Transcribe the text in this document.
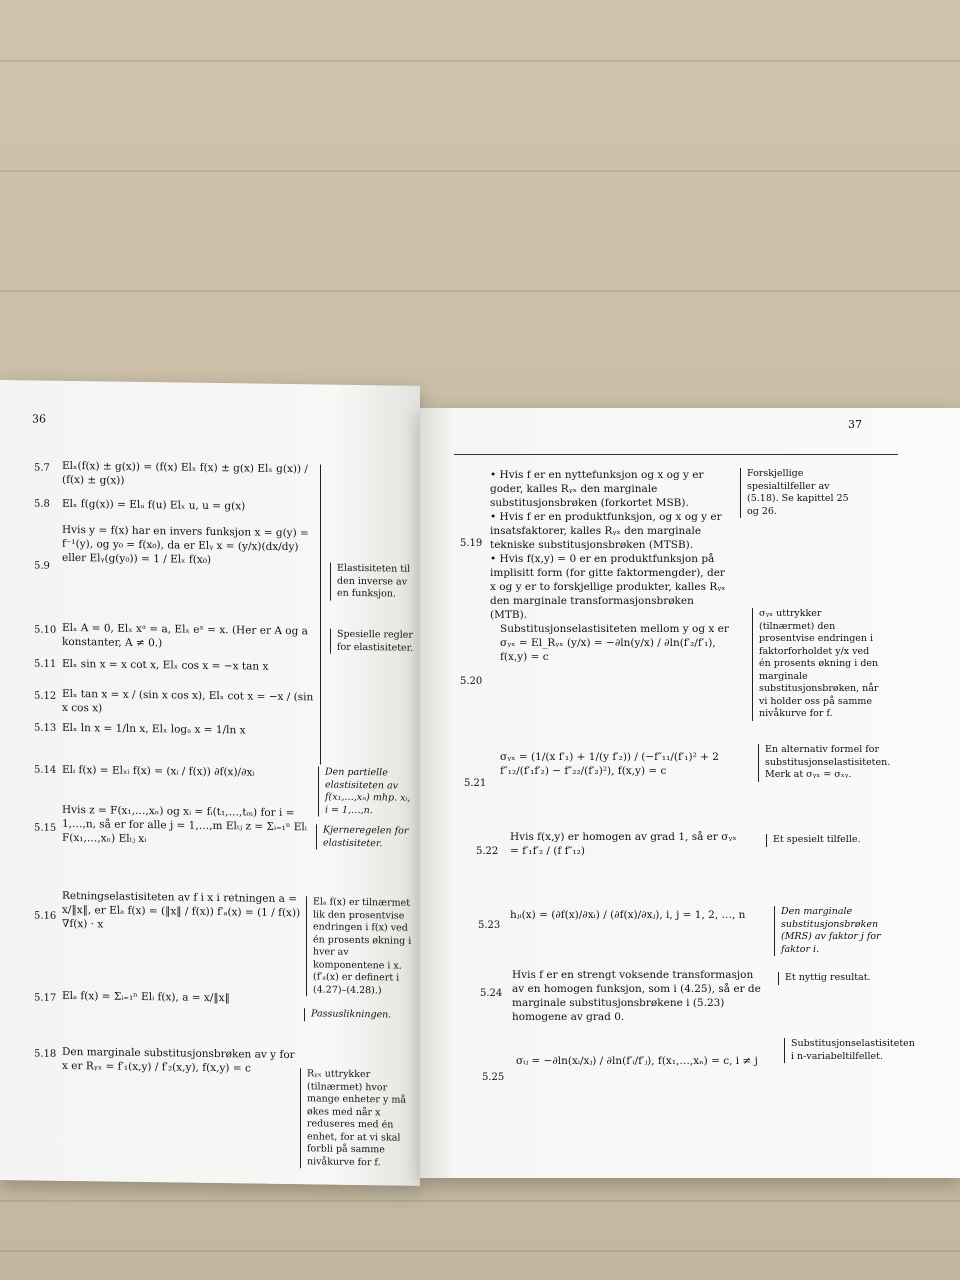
36
5.7 Elₓ(f(x) ± g(x)) = (f(x) Elₓ f(x) ± g(x) Elₓ g(x)) / (f(x) ± g(x))
5.8 Elₓ f(g(x)) = Elᵤ f(u) Elₓ u, u = g(x)
5.9
Hvis y = f(x) har en invers funksjon x = g(y) = f⁻¹(y), og y₀ = f(x₀), da er Elᵧ x = (y/x)(dx/dy) eller Elᵧ(g(y₀)) = 1 / Elₓ f(x₀)
Elastisiteten til den inverse av en funksjon.
5.10 Elₓ A = 0, Elₓ xᵃ = a, Elₓ eˣ = x. (Her er A og a konstanter, A ≠ 0.)
Spesielle regler for elastisiteter.
5.11 Elₓ sin x = x cot x, Elₓ cos x = −x tan x
5.12 Elₓ tan x = x / (sin x cos x), Elₓ cot x = −x / (sin x cos x)
5.13 Elₓ ln x = 1/ln x, Elₓ logₐ x = 1/ln x
5.14 Elᵢ f(x) = Elₓᵢ f(x) = (xᵢ / f(x)) ∂f(x)/∂xᵢ	Den partielle elastisiteten av f(x₁,…,xₙ) mhp. xᵢ, i = 1,…,n.
5.15
Hvis z = F(x₁,…,xₙ) og xᵢ = fᵢ(t₁,…,tₘ) for i = 1,…,n, så er for alle j = 1,…,m Elₜⱼ z = Σᵢ₌₁ⁿ Elᵢ F(x₁,…,xₙ) Elₜⱼ xᵢ
Kjerneregelen for elastisiteter.
5.16
Retningselastisiteten av f i x i retningen a = x/‖x‖, er Elₐ f(x) = (‖x‖ / f(x)) f′ₐ(x) = (1 / f(x)) ∇f(x) · x
Elₐ f(x) er tilnærmet lik den prosentvise endringen i f(x) ved én prosents økning i hver av komponentene i x. (f′ₐ(x) er definert i (4.27)–(4.28).)
5.17 Elₐ f(x) = Σᵢ₌₁ⁿ Elᵢ f(x), a = x/‖x‖
Passuslikningen.
5.18 Den marginale substitusjonsbrøken av y for x er Rᵧₓ = f′₁(x,y) / f′₂(x,y), f(x,y) = c	Rᵧₓ uttrykker (tilnærmet) hvor mange enheter y må økes med når x reduseres med én enhet, for at vi skal forbli på samme nivåkurve for f.
37
5.19
• Hvis f er en nyttefunksjon og x og y er goder, kalles Rᵧₓ den marginale substitusjonsbrøken (forkortet MSB).
• Hvis f er en produktfunksjon, og x og y er insatsfaktorer, kalles Rᵧₓ den marginale tekniske substitusjonsbrøken (MTSB).
• Hvis f(x,y) = 0 er en produktfunksjon på implisitt form (for gitte faktormengder), der x og y er to forskjellige produkter, kalles Rᵧₓ den marginale transformasjonsbrøken (MTB).
Forskjellige spesialtilfeller av (5.18). Se kapittel 25 og 26.
5.20
Substitusjonselastisiteten mellom y og x er σᵧₓ = El_Rᵧₓ (y/x) = −∂ln(y/x) / ∂ln(f′₂/f′₁), f(x,y) = c
σᵧₓ uttrykker (tilnærmet) den prosentvise endringen i faktorforholdet y/x ved én prosents økning i den marginale substitusjonsbrøken, når vi holder oss på samme nivåkurve for f.
5.21
σᵧₓ = (1/(x f′₁) + 1/(y f′₂)) / (−f″₁₁/(f′₁)² + 2 f″₁₂/(f′₁f′₂) − f″₂₂/(f′₂)²), f(x,y) = c
En alternativ formel for substitusjonselastisiteten. Merk at σᵧₓ = σₓᵧ.
5.22
Hvis f(x,y) er homogen av grad 1, så er σᵧₓ = f′₁f′₂ / (f f″₁₂)
Et spesielt tilfelle.
5.23
hⱼᵢ(x) = (∂f(x)/∂xᵢ) / (∂f(x)/∂xⱼ), i, j = 1, 2, …, n	Den marginale substitusjonsbrøken (MRS) av faktor j for faktor i.
5.24
Hvis f er en strengt voksende transformasjon av en homogen funksjon, som i (4.25), så er de marginale substitusjonsbrøkene i (5.23) homogene av grad 0.
Et nyttig resultat.
5.25
σᵢⱼ = −∂ln(xᵢ/xⱼ) / ∂ln(f′ᵢ/f′ⱼ), f(x₁,…,xₙ) = c, i ≠ j
Substitusjonselastisiteten i n-variabeltilfellet.
